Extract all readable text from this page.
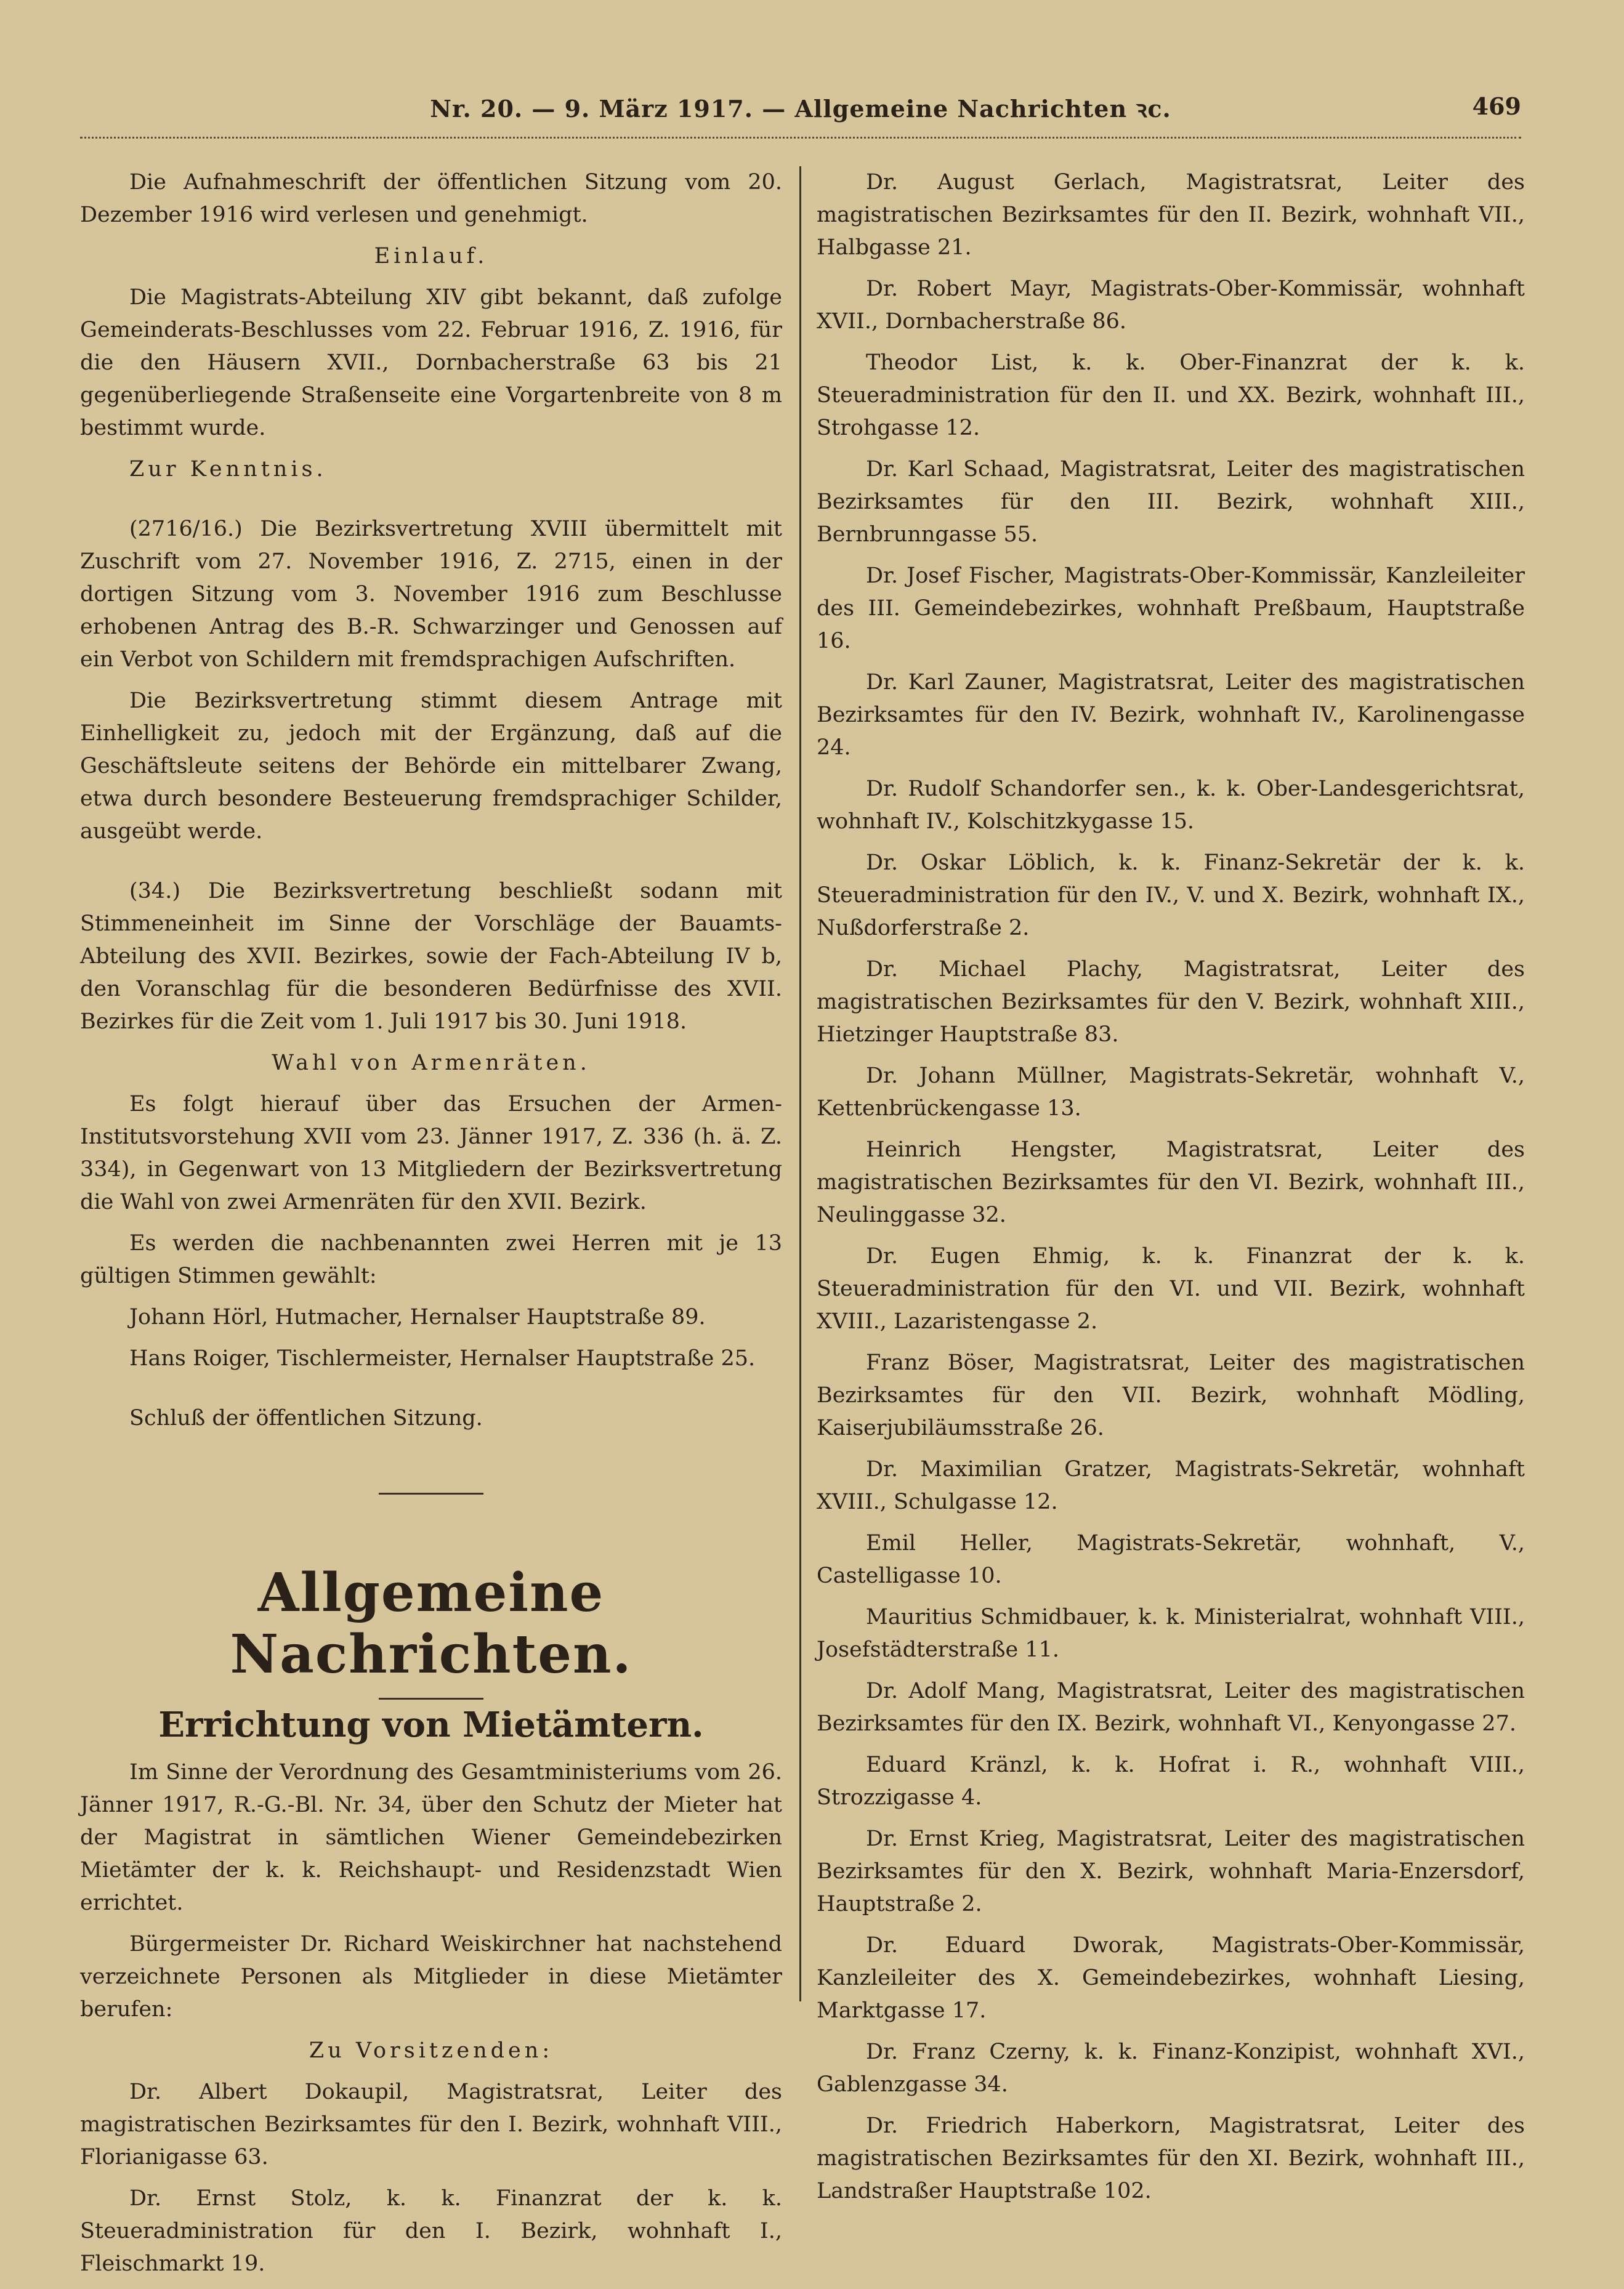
Nr. 20. — 9. März 1917. — Allgemeine Nachrichten ꝛc.	469

Die Aufnahmeschrift der öffentlichen Sitzung vom 20. Dezember 1916 wird verlesen und genehmigt.

Einlauf.

Die Magistrats-Abteilung XIV gibt bekannt, daß zufolge Gemeinderats-Beschlusses vom 22. Februar 1916, Z. 1916, für die den Häusern XVII., Dornbacherstraße 63 bis 21 gegenüberliegende Straßenseite eine Vorgartenbreite von 8 m bestimmt wurde.

Zur Kenntnis.

(2716/16.) Die Bezirksvertretung XVIII übermittelt mit Zuschrift vom 27. November 1916, Z. 2715, einen in der dortigen Sitzung vom 3. November 1916 zum Beschlusse erhobenen Antrag des B.-R. Schwarzinger und Genossen auf ein Verbot von Schildern mit fremdsprachigen Aufschriften.

Die Bezirksvertretung stimmt diesem Antrage mit Einhelligkeit zu, jedoch mit der Ergänzung, daß auf die Geschäftsleute seitens der Behörde ein mittelbarer Zwang, etwa durch besondere Besteuerung fremdsprachiger Schilder, ausgeübt werde.

(34.) Die Bezirksvertretung beschließt sodann mit Stimmeneinheit im Sinne der Vorschläge der Bauamts-Abteilung des XVII. Bezirkes, sowie der Fach-Abteilung IV b, den Voranschlag für die besonderen Bedürfnisse des XVII. Bezirkes für die Zeit vom 1. Juli 1917 bis 30. Juni 1918.

Wahl von Armenräten.

Es folgt hierauf über das Ersuchen der Armen-Institutsvorstehung XVII vom 23. Jänner 1917, Z. 336 (h. ä. Z. 334), in Gegenwart von 13 Mitgliedern der Bezirksvertretung die Wahl von zwei Armenräten für den XVII. Bezirk.

Es werden die nachbenannten zwei Herren mit je 13 gültigen Stimmen gewählt:

Johann Hörl, Hutmacher, Hernalser Hauptstraße 89.

Hans Roiger, Tischlermeister, Hernalser Hauptstraße 25.

Schluß der öffentlichen Sitzung.

Allgemeine Nachrichten.

Errichtung von Mietämtern.

Im Sinne der Verordnung des Gesamtministeriums vom 26. Jänner 1917, R.-G.-Bl. Nr. 34, über den Schutz der Mieter hat der Magistrat in sämtlichen Wiener Gemeindebezirken Mietämter der k. k. Reichshaupt- und Residenzstadt Wien errichtet.

Bürgermeister Dr. Richard Weiskirchner hat nachstehend verzeichnete Personen als Mitglieder in diese Mietämter berufen:

Zu Vorsitzenden:

Dr. Albert Dokaupil, Magistratsrat, Leiter des magistratischen Bezirksamtes für den I. Bezirk, wohnhaft VIII., Florianigasse 63.

Dr. Ernst Stolz, k. k. Finanzrat der k. k. Steueradministration für den I. Bezirk, wohnhaft I., Fleischmarkt 19.

Dr. August Gerlach, Magistratsrat, Leiter des magistratischen Bezirksamtes für den II. Bezirk, wohnhaft VII., Halbgasse 21.

Dr. Robert Mayr, Magistrats-Ober-Kommissär, wohnhaft XVII., Dornbacherstraße 86.

Theodor List, k. k. Ober-Finanzrat der k. k. Steueradministration für den II. und XX. Bezirk, wohnhaft III., Strohgasse 12.

Dr. Karl Schaad, Magistratsrat, Leiter des magistratischen Bezirksamtes für den III. Bezirk, wohnhaft XIII., Bernbrunngasse 55.

Dr. Josef Fischer, Magistrats-Ober-Kommissär, Kanzleileiter des III. Gemeindebezirkes, wohnhaft Preßbaum, Hauptstraße 16.

Dr. Karl Zauner, Magistratsrat, Leiter des magistratischen Bezirksamtes für den IV. Bezirk, wohnhaft IV., Karolinengasse 24.

Dr. Rudolf Schandorfer sen., k. k. Ober-Landesgerichtsrat, wohnhaft IV., Kolschitzkygasse 15.

Dr. Oskar Löblich, k. k. Finanz-Sekretär der k. k. Steueradministration für den IV., V. und X. Bezirk, wohnhaft IX., Nußdorferstraße 2.

Dr. Michael Plachy, Magistratsrat, Leiter des magistratischen Bezirksamtes für den V. Bezirk, wohnhaft XIII., Hietzinger Hauptstraße 83.

Dr. Johann Müllner, Magistrats-Sekretär, wohnhaft V., Kettenbrückengasse 13.

Heinrich Hengster, Magistratsrat, Leiter des magistratischen Bezirksamtes für den VI. Bezirk, wohnhaft III., Neulinggasse 32.

Dr. Eugen Ehmig, k. k. Finanzrat der k. k. Steueradministration für den VI. und VII. Bezirk, wohnhaft XVIII., Lazaristengasse 2.

Franz Böser, Magistratsrat, Leiter des magistratischen Bezirksamtes für den VII. Bezirk, wohnhaft Mödling, Kaiserjubiläumsstraße 26.

Dr. Maximilian Gratzer, Magistrats-Sekretär, wohnhaft XVIII., Schulgasse 12.

Emil Heller, Magistrats-Sekretär, wohnhaft, V., Castelligasse 10.

Mauritius Schmidbauer, k. k. Ministerialrat, wohnhaft VIII., Josefstädterstraße 11.

Dr. Adolf Mang, Magistratsrat, Leiter des magistratischen Bezirksamtes für den IX. Bezirk, wohnhaft VI., Kenyongasse 27.

Eduard Kränzl, k. k. Hofrat i. R., wohnhaft VIII., Strozzigasse 4.

Dr. Ernst Krieg, Magistratsrat, Leiter des magistratischen Bezirksamtes für den X. Bezirk, wohnhaft Maria-Enzersdorf, Hauptstraße 2.

Dr. Eduard Dworak, Magistrats-Ober-Kommissär, Kanzleileiter des X. Gemeindebezirkes, wohnhaft Liesing, Marktgasse 17.

Dr. Franz Czerny, k. k. Finanz-Konzipist, wohnhaft XVI., Gablenzgasse 34.

Dr. Friedrich Haberkorn, Magistratsrat, Leiter des magistratischen Bezirksamtes für den XI. Bezirk, wohnhaft III., Landstraßer Hauptstraße 102.
